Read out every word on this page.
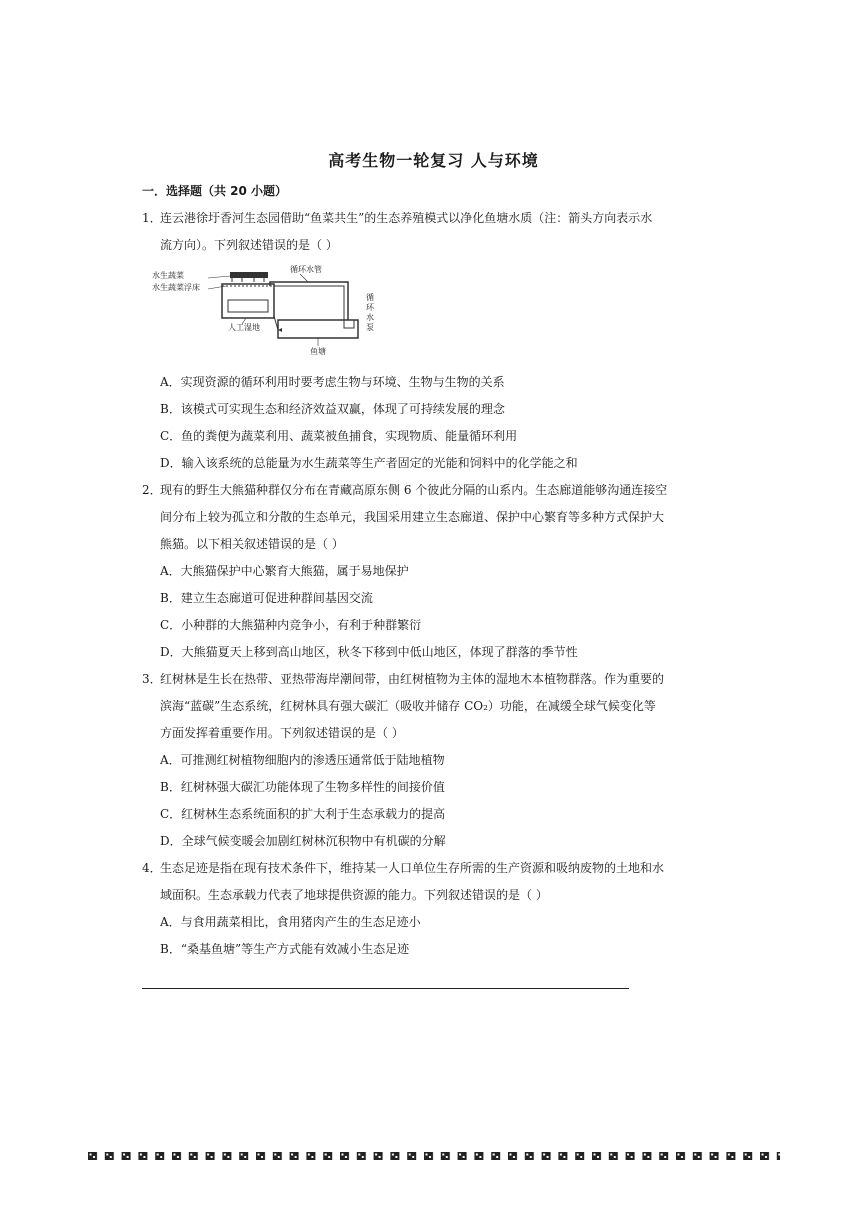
高考生物一轮复习 人与环境
一．选择题（共 20 小题）
1．
连云港徐圩香河生态园借助“鱼菜共生”的生态养殖模式以净化鱼塘水质（注：箭头方向表示水
流方向）。下列叙述错误的是（ ）
水生蔬菜
水生蔬菜浮床
循环水管
循
环
水
泵
人工湿地
鱼塘
A．实现资源的循环利用时要考虑生物与环境、生物与生物的关系
B．该模式可实现生态和经济效益双赢，体现了可持续发展的理念
C．鱼的粪便为蔬菜利用、蔬菜被鱼捕食，实现物质、能量循环利用
D．输入该系统的总能量为水生蔬菜等生产者固定的光能和饲料中的化学能之和
2．
现有的野生大熊猫种群仅分布在青藏高原东侧 6 个彼此分隔的山系内。生态廊道能够沟通连接空
间分布上较为孤立和分散的生态单元，我国采用建立生态廊道、保护中心繁育等多种方式保护大
熊猫。以下相关叙述错误的是（ ）
A．大熊猫保护中心繁育大熊猫，属于易地保护
B．建立生态廊道可促进种群间基因交流
C．小种群的大熊猫种内竞争小，有利于种群繁衍
D．大熊猫夏天上移到高山地区，秋冬下移到中低山地区，体现了群落的季节性
3．
红树林是生长在热带、亚热带海岸潮间带，由红树植物为主体的湿地木本植物群落。作为重要的
滨海“蓝碳”生态系统，红树林具有强大碳汇（吸收并储存 CO₂）功能，在减缓全球气候变化等
方面发挥着重要作用。下列叙述错误的是（ ）
A．可推测红树植物细胞内的渗透压通常低于陆地植物
B．红树林强大碳汇功能体现了生物多样性的间接价值
C．红树林生态系统面积的扩大利于生态承载力的提高
D．全球气候变暖会加剧红树林沉积物中有机碳的分解
4．
生态足迹是指在现有技术条件下，维持某一人口单位生存所需的生产资源和吸纳废物的土地和水
域面积。生态承载力代表了地球提供资源的能力。下列叙述错误的是（ ）
A．与食用蔬菜相比，食用猪肉产生的生态足迹小
B．“桑基鱼塘”等生产方式能有效减小生态足迹
